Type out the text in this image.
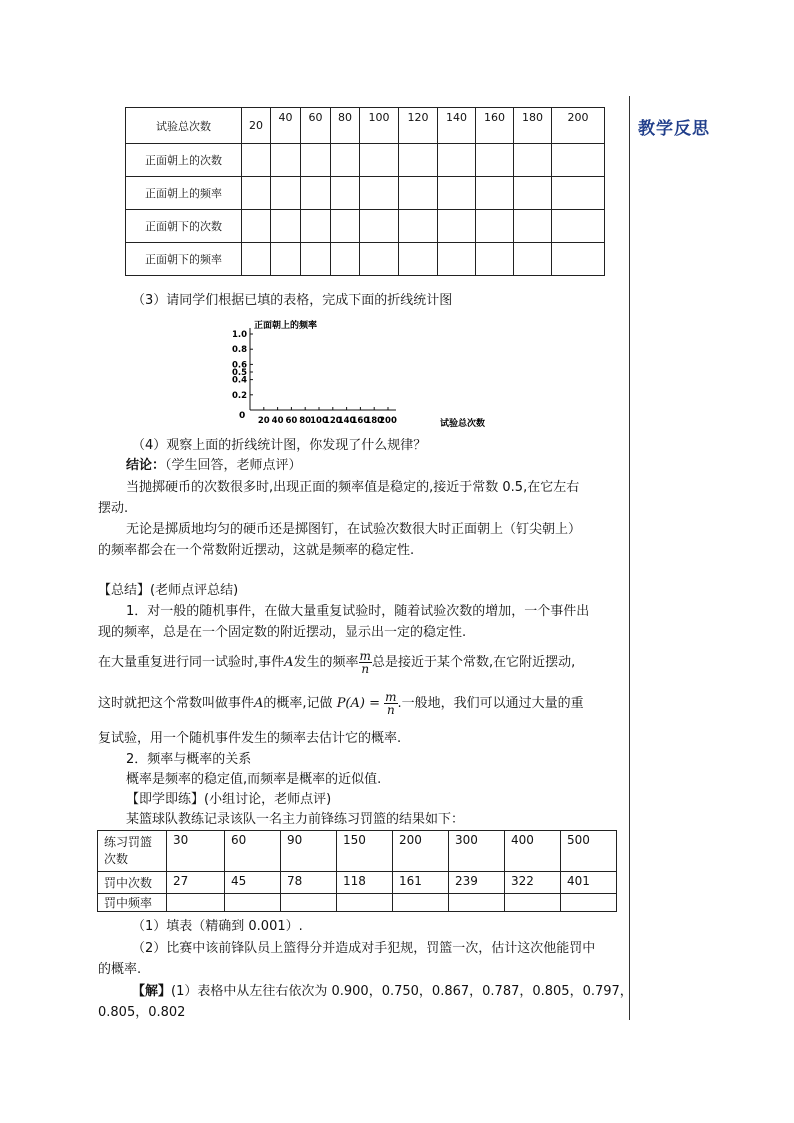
教学反思
试验总次数	20	40	60	80	100	120	140	160	180	200
正面朝上的次数										
正面朝上的频率										
正面朝下的次数										
正面朝下的频率										
（3）请同学们根据已填的表格，完成下面的折线统计图
20 40 60 80 100
120
140
160
180
200
0.2
0.4
0.5
0.6
1.0
0.8
正面朝上的频率
试验总次数
0
（4）观察上面的折线统计图，你发现了什么规律？
结论：（学生回答，老师点评）
当抛掷硬币的次数很多时,出现正面的频率值是稳定的,接近于常数 0.5,在它左右
摆动.
无论是掷质地均匀的硬币还是掷图钉，在试验次数很大时正面朝上（钉尖朝上）
的频率都会在一个常数附近摆动，这就是频率的稳定性.
【总结】(老师点评总结)
1．对一般的随机事件，在做大量重复试验时，随着试验次数的增加，一个事件出
现的频率，总是在一个固定数的附近摆动，显示出一定的稳定性.
在大量重复进行同一试验时,事件A发生的频率 $\frac{m}{n}$ 总是接近于某个常数,在它附近摆动,
这时就把这个常数叫做事件A的概率,记做 $P(A) = \frac{m}{n}$ .一般地，我们可以通过大量的重
复试验，用一个随机事件发生的频率去估计它的概率.
2．频率与概率的关系
概率是频率的稳定值,而频率是概率的近似值.
【即学即练】(小组讨论，老师点评)
某篮球队教练记录该队一名主力前锋练习罚篮的结果如下：
练习罚篮
次数	30	60	90	150	200	300	400	500
罚中次数	27	45	78	118	161	239	322	401
罚中频率								
（1）填表（精确到 0.001）.
（2）比赛中该前锋队员上篮得分并造成对手犯规，罚篮一次，估计这次他能罚中
的概率.
【解】(1）表格中从左往右依次为 0.900，0.750，0.867，0.787，0.805，0.797，
0.805，0.802
